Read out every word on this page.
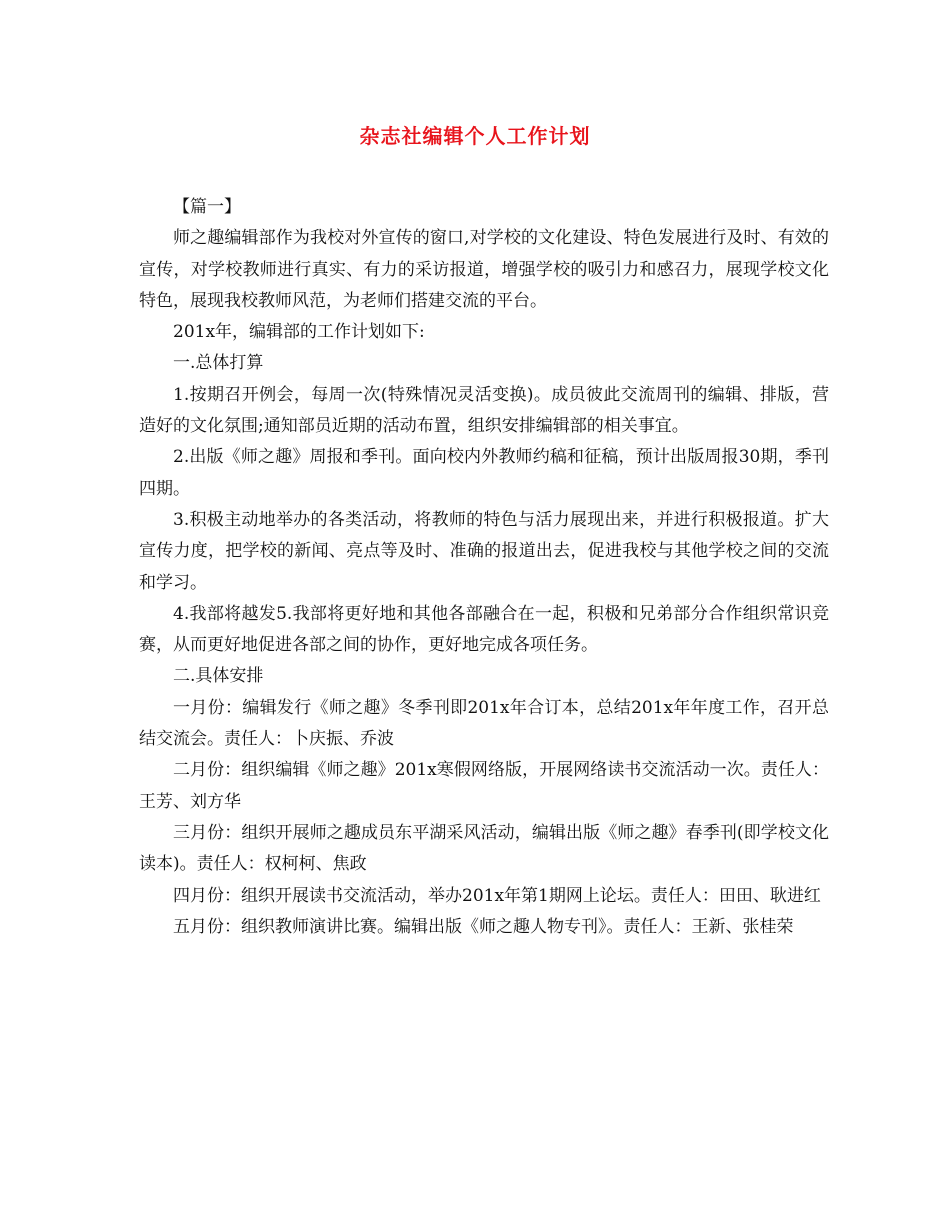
杂志社编辑个人工作计划

【篇一】

师之趣编辑部作为我校对外宣传的窗口,对学校的文化建设、特色发展进行及时、有效的宣传，对学校教师进行真实、有力的采访报道，增强学校的吸引力和感召力，展现学校文化特色，展现我校教师风范，为老师们搭建交流的平台。

201x年，编辑部的工作计划如下:

一.总体打算

1.按期召开例会，每周一次(特殊情况灵活变换)。成员彼此交流周刊的编辑、排版，营造好的文化氛围;通知部员近期的活动布置，组织安排编辑部的相关事宜。

2.出版《师之趣》周报和季刊。面向校内外教师约稿和征稿，预计出版周报30期，季刊四期。

3.积极主动地举办的各类活动，将教师的特色与活力展现出来，并进行积极报道。扩大宣传力度，把学校的新闻、亮点等及时、准确的报道出去，促进我校与其他学校之间的交流和学习。

4.我部将越发5.我部将更好地和其他各部融合在一起，积极和兄弟部分合作组织常识竞赛，从而更好地促进各部之间的协作，更好地完成各项任务。

二.具体安排

一月份：编辑发行《师之趣》冬季刊即201x年合订本，总结201x年年度工作，召开总结交流会。责任人：卜庆振、乔波

二月份：组织编辑《师之趣》201x寒假网络版，开展网络读书交流活动一次。责任人：王芳、刘方华

三月份：组织开展师之趣成员东平湖采风活动，编辑出版《师之趣》春季刊(即学校文化读本)。责任人：权柯柯、焦政

四月份：组织开展读书交流活动，举办201x年第1期网上论坛。责任人：田田、耿进红

五月份：组织教师演讲比赛。编辑出版《师之趣人物专刊》。责任人：王新、张桂荣
